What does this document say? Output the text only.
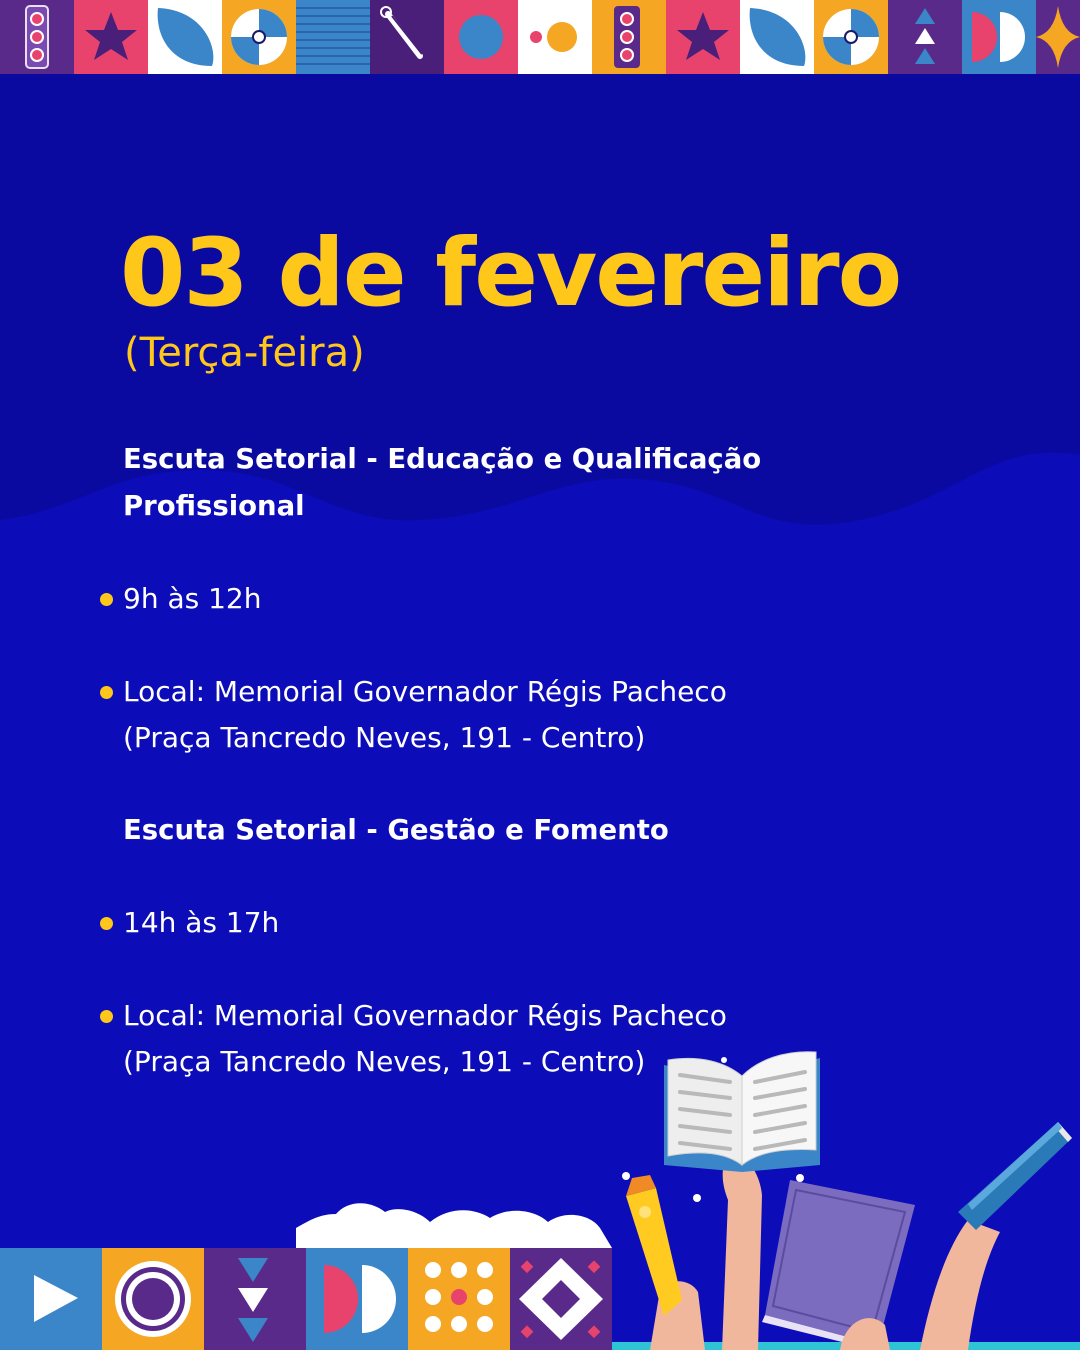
03 de fevereiro

(Terça-feira)

Escuta Setorial - Educação e Qualificação
Profissional
9h às 12h
Local: Memorial Governador Régis Pacheco
(Praça Tancredo Neves, 191 - Centro)
Escuta Setorial - Gestão e Fomento
14h às 17h
Local: Memorial Governador Régis Pacheco
(Praça Tancredo Neves, 191 - Centro)
